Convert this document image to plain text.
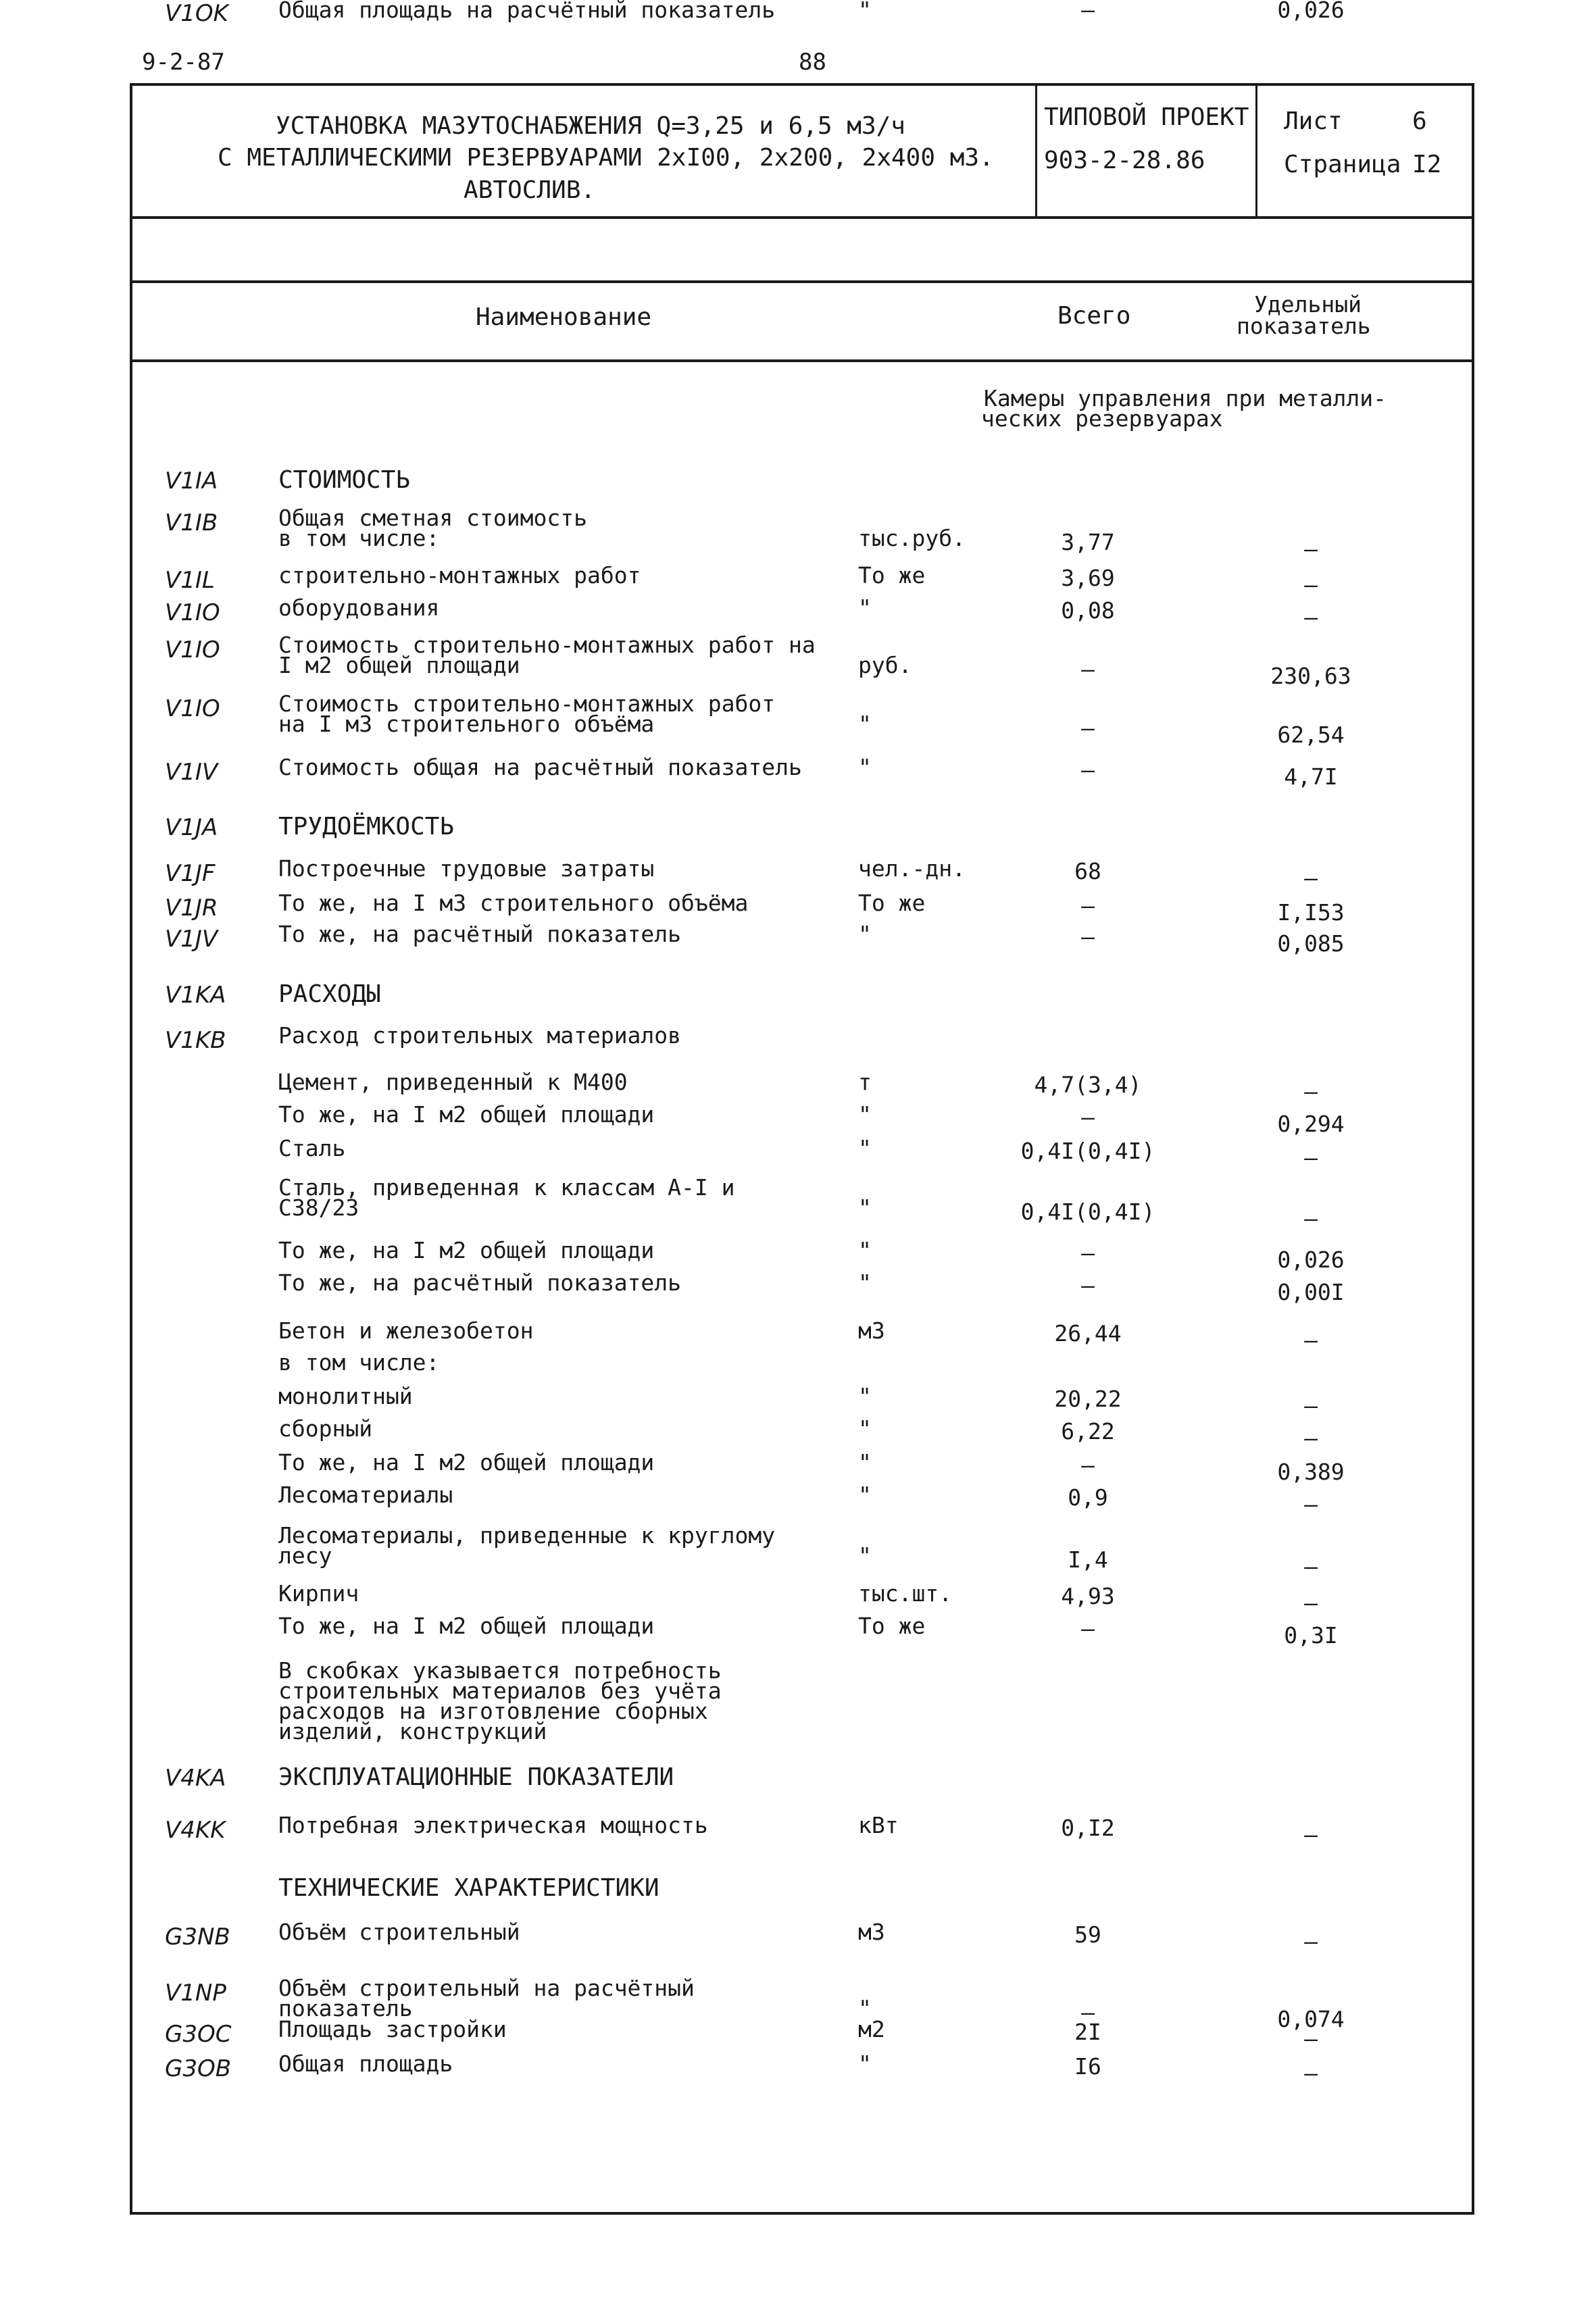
9-2-87	88
УСТАНОВКА МАЗУТОСНАБЖЕНИЯ Q=3,25 и 6,5 м3/ч
С МЕТАЛЛИЧЕСКИМИ РЕЗЕРВУАРАМИ 2хI00, 2х200, 2х400 м3.
АВТОСЛИВ.
ТИПОВОЙ ПРОЕКТ
903-2-28.86
Лист	6
Страница I2
Наименование	Всего	Удельный
показатель
Камеры управления при металли-
ческих резервуарах
V1IA СТОИМОСТЬ
V1IB	Общая сметная стоимость
в том числе:	тыс.руб.	3,77	–
V1IL	строительно-монтажных работ	То же	3,69	–
V1IO	оборудования	"	0,08	–
V1IO	Стоимость строительно-монтажных работ на
I м2 общей площади	руб.	–	230,63
V1IO	Стоимость строительно-монтажных работ
на I м3 строительного объёма	"	–	62,54
V1IV	Стоимость общая на расчётный показатель	"	–	4,7I
V1JA ТРУДОЁМКОСТЬ
V1JF	Построечные трудовые затраты	чел.-дн.	68	–
V1JR	То же, на I м3 строительного объёма	То же	–	I,I53
V1JV	То же, на расчётный показатель	"	–	0,085
V1KA РАСХОДЫ
V1KB Расход строительных материалов
Цемент, приведенный к М400	т	4,7(3,4)	–
То же, на I м2 общей площади	"	–	0,294
Сталь	"	0,4I(0,4I)	–
Сталь, приведенная к классам А-I и
С38/23	"	0,4I(0,4I)	–
То же, на I м2 общей площади	"	–	0,026
То же, на расчётный показатель	"	–	0,00I
Бетон и железобетон	м3	26,44	–
в том числе:
монолитный	"	20,22	–
сборный	"	6,22	–
То же, на I м2 общей площади	"	–	0,389
Лесоматериалы	"	0,9	–
Лесоматериалы, приведенные к круглому
лесу	"	I,4	–
Кирпич	тыс.шт.	4,93	–
То же, на I м2 общей площади	То же	–	0,3I
В скобках указывается потребность
строительных материалов без учёта
расходов на изготовление сборных
изделий, конструкций
V4KA ЭКСПЛУАТАЦИОННЫЕ ПОКАЗАТЕЛИ
V4KK Потребная электрическая мощность	кВт	0,I2	–
ТЕХНИЧЕСКИЕ ХАРАКТЕРИСТИКИ
G3NB Объём строительный	м3	59	–
V1NP Объём строительный на расчётный
показатель	"	–	0,074
G3OC Площадь застройки	м2	2I	–
G3OB Общая площадь	"	I6	–
V1OK Общая площадь на расчётный показатель	"	–	0,026
